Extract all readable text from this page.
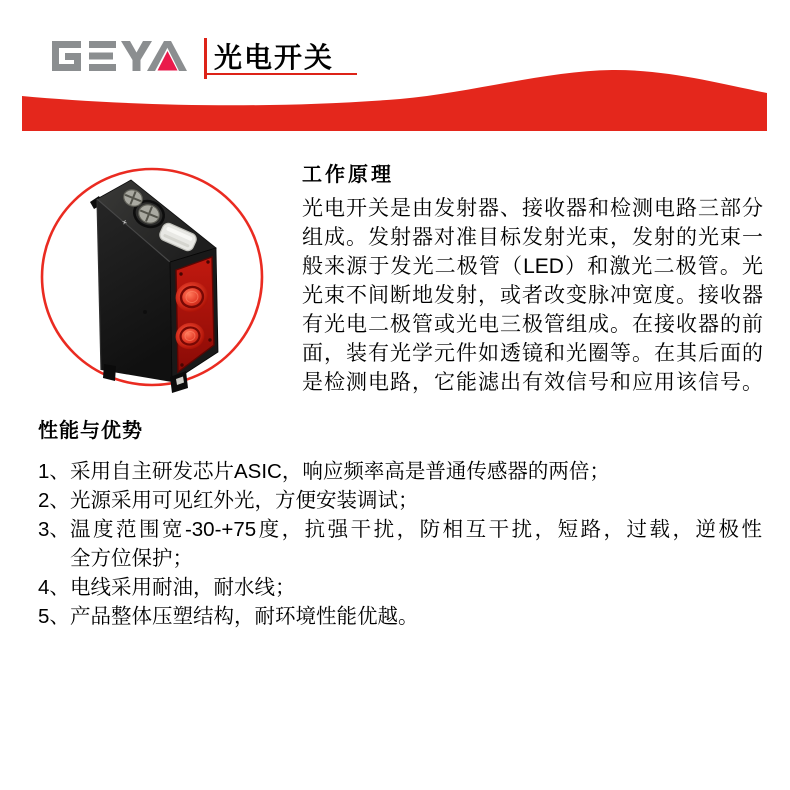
光电开关
+
工作原理
光电开关是由发射器、接收器和检测电路三部分
组成。发射器对准目标发射光束，发射的光束一
般来源于发光二极管（LED）和激光二极管。光
光束不间断地发射，或者改变脉冲宽度。接收器
有光电二极管或光电三极管组成。在接收器的前
面，装有光学元件如透镜和光圈等。在其后面的
是检测电路，它能滤出有效信号和应用该信号。
性能与优势
1、 采用自主研发芯片ASIC，响应频率高是普通传感器的两倍；
2、 光源采用可见红外光，方便安装调试；
3、 温度范围宽-30-+75度，抗强干扰，防相互干扰，短路，过载，逆极性
全方位保护；
4、 电线采用耐油，耐水线；
5、 产品整体压塑结构，耐环境性能优越。
